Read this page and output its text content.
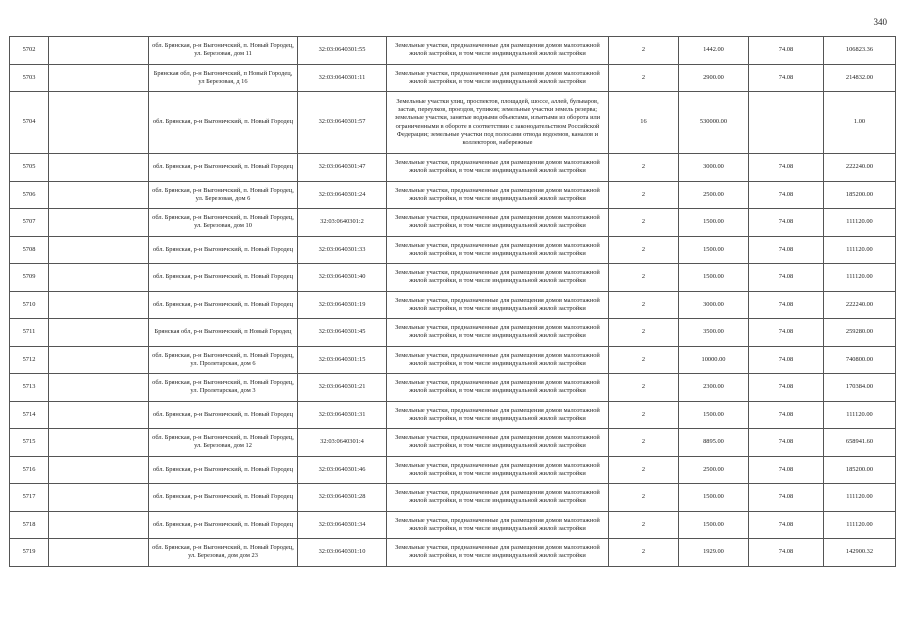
340
5702		обл. Брянская, р-н Выгоничский, п. Новый Городец, ул. Березовая, дом 11	32:03:0640301:55	Земельные участки, предназначенные для размещения домов малоэтажной жилой застройки, в том числе индивидуальной жилой застройки	2	1442.00	74.08	106823.36
5703		Брянская обл, р-н Выгоничский, п Новый Городец, ул Березовая, д 16	32:03:0640301:11	Земельные участки, предназначенные для размещения домов малоэтажной жилой застройки, в том числе индивидуальной жилой застройки	2	2900.00	74.08	214832.00
5704		обл. Брянская, р-н Выгоничский, п. Новый Городец	32:03:0640301:57	Земельные участки улиц, проспектов, площадей, шоссе, аллей, бульваров, застав, переулков, проездов, тупиков; земельные участки земель резерва; земельные участки, занятые водными объектами, изъятыми из оборота или ограниченными в обороте в соответствии с законодательством Российской Федерации; земельные участки под полосами отвода водоемов, каналов и коллекторов, набережные	16	530000.00		1.00
5705		обл. Брянская, р-н Выгоничский, п. Новый Городец	32:03:0640301:47	Земельные участки, предназначенные для размещения домов малоэтажной жилой застройки, в том числе индивидуальной жилой застройки	2	3000.00	74.08	222240.00
5706		обл. Брянская, р-н Выгоничский, п. Новый Городец, ул. Березовая, дом 6	32:03:0640301:24	Земельные участки, предназначенные для размещения домов малоэтажной жилой застройки, в том числе индивидуальной жилой застройки	2	2500.00	74.08	185200.00
5707		обл. Брянская, р-н Выгоничский, п. Новый Городец, ул. Березовая, дом 10	32:03:0640301:2	Земельные участки, предназначенные для размещения домов малоэтажной жилой застройки, в том числе индивидуальной жилой застройки	2	1500.00	74.08	111120.00
5708		обл. Брянская, р-н Выгоничский, п. Новый Городец	32:03:0640301:33	Земельные участки, предназначенные для размещения домов малоэтажной жилой застройки, в том числе индивидуальной жилой застройки	2	1500.00	74.08	111120.00
5709		обл. Брянская, р-н Выгоничский, п. Новый Городец	32:03:0640301:40	Земельные участки, предназначенные для размещения домов малоэтажной жилой застройки, в том числе индивидуальной жилой застройки	2	1500.00	74.08	111120.00
5710		обл. Брянская, р-н Выгоничский, п. Новый Городец	32:03:0640301:19	Земельные участки, предназначенные для размещения домов малоэтажной жилой застройки, в том числе индивидуальной жилой застройки	2	3000.00	74.08	222240.00
5711		Брянская обл, р-н Выгоничский, п Новый Городец	32:03:0640301:45	Земельные участки, предназначенные для размещения домов малоэтажной жилой застройки, в том числе индивидуальной жилой застройки	2	3500.00	74.08	259280.00
5712		обл. Брянская, р-н Выгоничский, п. Новый Городец, ул. Пролетарская, дом 6	32:03:0640301:15	Земельные участки, предназначенные для размещения домов малоэтажной жилой застройки, в том числе индивидуальной жилой застройки	2	10000.00	74.08	740800.00
5713		обл. Брянская, р-н Выгоничский, п. Новый Городец, ул. Пролетарская, дом 3	32:03:0640301:21	Земельные участки, предназначенные для размещения домов малоэтажной жилой застройки, в том числе индивидуальной жилой застройки	2	2300.00	74.08	170384.00
5714		обл. Брянская, р-н Выгоничский, п. Новый Городец	32:03:0640301:31	Земельные участки, предназначенные для размещения домов малоэтажной жилой застройки, в том числе индивидуальной жилой застройки	2	1500.00	74.08	111120.00
5715		обл. Брянская, р-н Выгоничский, п. Новый Городец, ул. Березовая, дом 12	32:03:0640301:4	Земельные участки, предназначенные для размещения домов малоэтажной жилой застройки, в том числе индивидуальной жилой застройки	2	8895.00	74.08	658941.60
5716		обл. Брянская, р-н Выгоничский, п. Новый Городец	32:03:0640301:46	Земельные участки, предназначенные для размещения домов малоэтажной жилой застройки, в том числе индивидуальной жилой застройки	2	2500.00	74.08	185200.00
5717		обл. Брянская, р-н Выгоничский, п. Новый Городец	32:03:0640301:28	Земельные участки, предназначенные для размещения домов малоэтажной жилой застройки, в том числе индивидуальной жилой застройки	2	1500.00	74.08	111120.00
5718		обл. Брянская, р-н Выгоничский, п. Новый Городец	32:03:0640301:34	Земельные участки, предназначенные для размещения домов малоэтажной жилой застройки, в том числе индивидуальной жилой застройки	2	1500.00	74.08	111120.00
5719		обл. Брянская, р-н Выгоничский, п. Новый Городец, ул. Березовая, дом дом 23	32:03:0640301:10	Земельные участки, предназначенные для размещения домов малоэтажной жилой застройки, в том числе индивидуальной жилой застройки	2	1929.00	74.08	142900.32
